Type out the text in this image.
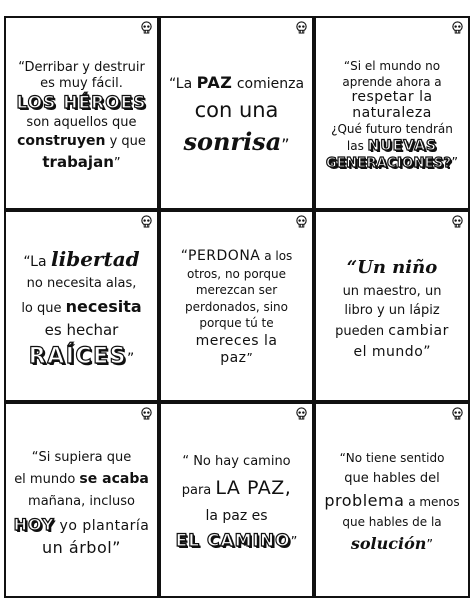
“Derribar y destruir
es muy fácil.
LOS HÉROES
son aquellos que
construyen y que
trabajan”
“La PAZ comienza
con una
sonrisa”
“Si el mundo no
aprende ahora a
respetar la
naturaleza
¿Qué futuro tendrán
las NUEVAS
GENERACIONES?”
“La libertad
no necesita alas,
lo que necesita
es hechar
RAÍCES”
“PERDONA a los
otros, no porque
merezcan ser
perdonados, sino
porque tú te
mereces la
paz”
“Un niño
un maestro, un
libro y un lápiz
pueden cambiar
el mundo”
“Si supiera que
el mundo se acaba
mañana, incluso
HOY yo plantaría
un árbol”
“ No hay camino
para LA PAZ,
la paz es
EL CAMINO”
“No tiene sentido
que hables del
problema a menos
que hables de la
solución”
